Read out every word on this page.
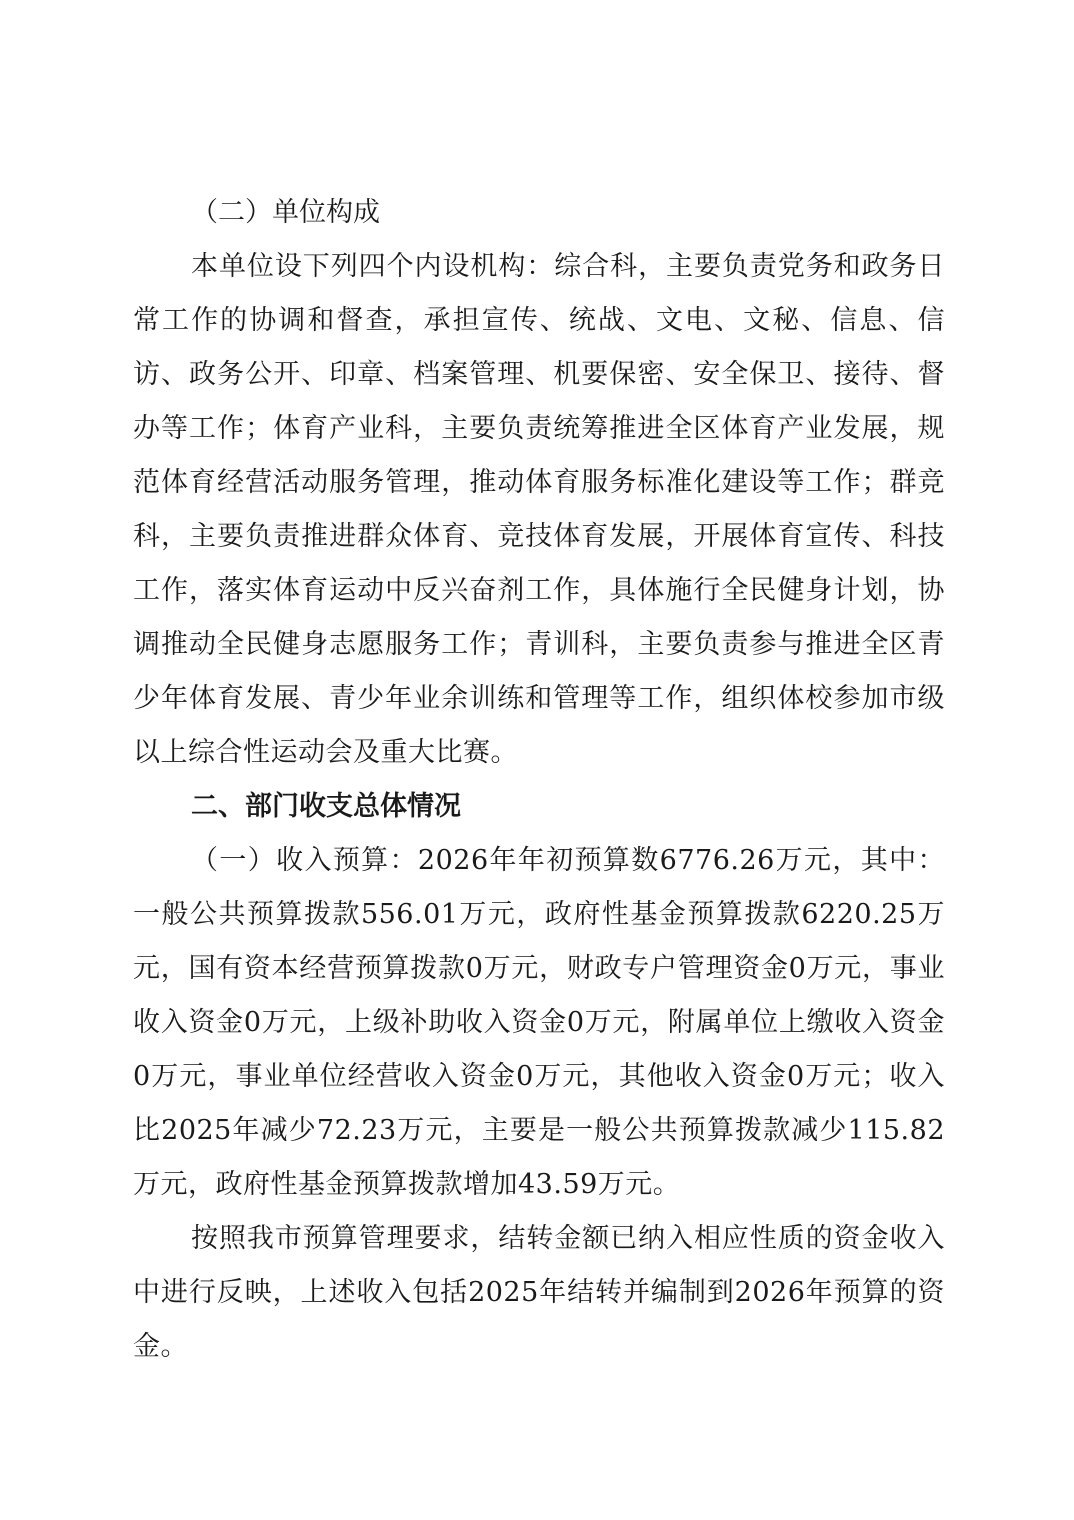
（二）单位构成

本单位设下列四个内设机构：综合科，主要负责党务和政务日常工作的协调和督查，承担宣传、统战、文电、文秘、信息、信访、政务公开、印章、档案管理、机要保密、安全保卫、接待、督办等工作；体育产业科，主要负责统筹推进全区体育产业发展，规范体育经营活动服务管理，推动体育服务标准化建设等工作；群竞科，主要负责推进群众体育、竞技体育发展，开展体育宣传、科技工作，落实体育运动中反兴奋剂工作，具体施行全民健身计划，协调推动全民健身志愿服务工作；青训科，主要负责参与推进全区青少年体育发展、青少年业余训练和管理等工作，组织体校参加市级以上综合性运动会及重大比赛。

二、部门收支总体情况

（一）收入预算：2026年年初预算数6776.26万元，其中：一般公共预算拨款556.01万元，政府性基金预算拨款6220.25万元，国有资本经营预算拨款0万元，财政专户管理资金0万元，事业收入资金0万元，上级补助收入资金0万元，附属单位上缴收入资金0万元，事业单位经营收入资金0万元，其他收入资金0万元；收入比2025年减少72.23万元，主要是一般公共预算拨款减少115.82万元，政府性基金预算拨款增加43.59万元。

按照我市预算管理要求，结转金额已纳入相应性质的资金收入中进行反映，上述收入包括2025年结转并编制到2026年预算的资金。
